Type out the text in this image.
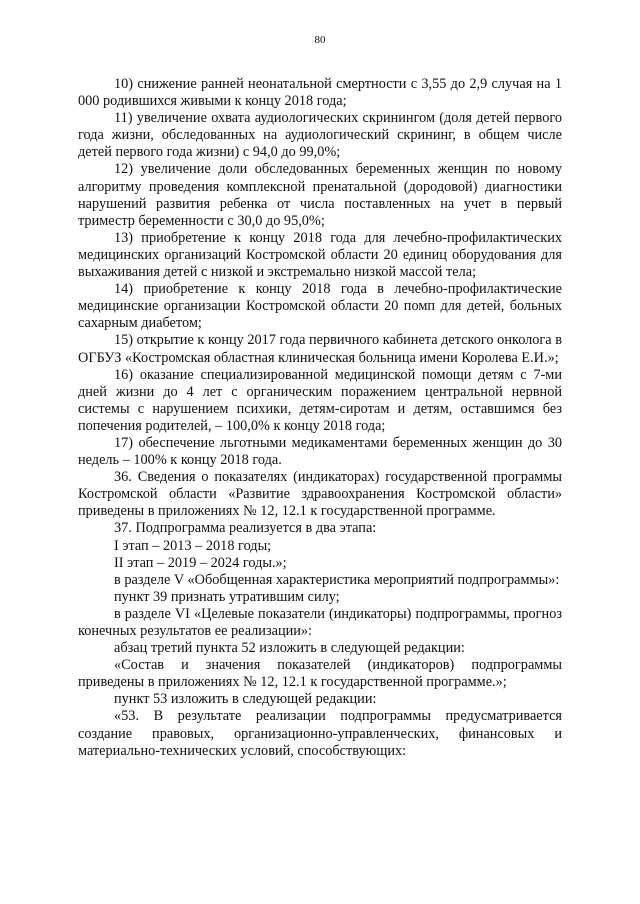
80

10) снижение ранней неонатальной смертности с 3,55 до 2,9 случая на 1 000 родившихся живыми к концу 2018 года;

11) увеличение охвата аудиологических скринингом (доля детей первого года жизни, обследованных на аудиологический скрининг, в общем числе детей первого года жизни) с 94,0 до 99,0%;

12) увеличение доли обследованных беременных женщин по новому алгоритму проведения комплексной пренатальной (дородовой) диагностики нарушений развития ребенка от числа поставленных на учет в первый триместр беременности с 30,0 до 95,0%;

13) приобретение к концу 2018 года для лечебно-профилактических медицинских организаций Костромской области 20 единиц оборудования для выхаживания детей с низкой и экстремально низкой массой тела;

14) приобретение к концу 2018 года в лечебно-профилактические медицинские организации Костромской области 20 помп для детей, больных сахарным диабетом;

15) открытие к концу 2017 года первичного кабинета детского онколога в ОГБУЗ «Костромская областная клиническая больница имени Королева Е.И.»;

16) оказание специализированной медицинской помощи детям с 7-ми дней жизни до 4 лет с органическим поражением центральной нервной системы с нарушением психики, детям-сиротам и детям, оставшимся без попечения родителей, – 100,0% к концу 2018 года;

17) обеспечение льготными медикаментами беременных женщин до 30 недель – 100% к концу 2018 года.

36. Сведения о показателях (индикаторах) государственной программы Костромской области «Развитие здравоохранения Костромской области» приведены в приложениях № 12, 12.1 к государственной программе.

37. Подпрограмма реализуется в два этапа:

I этап – 2013 – 2018 годы;

II этап – 2019 – 2024 годы.»;

в разделе V «Обобщенная характеристика мероприятий подпрограммы»:

пункт 39 признать утратившим силу;

в разделе VI «Целевые показатели (индикаторы) подпрограммы, прогноз конечных результатов ее реализации»:

абзац третий пункта 52 изложить в следующей редакции:

«Состав и значения показателей (индикаторов) подпрограммы приведены в приложениях № 12, 12.1 к государственной программе.»;

пункт 53 изложить в следующей редакции:

«53. В результате реализации подпрограммы предусматривается создание правовых, организационно-управленческих, финансовых и материально-технических условий, способствующих:
